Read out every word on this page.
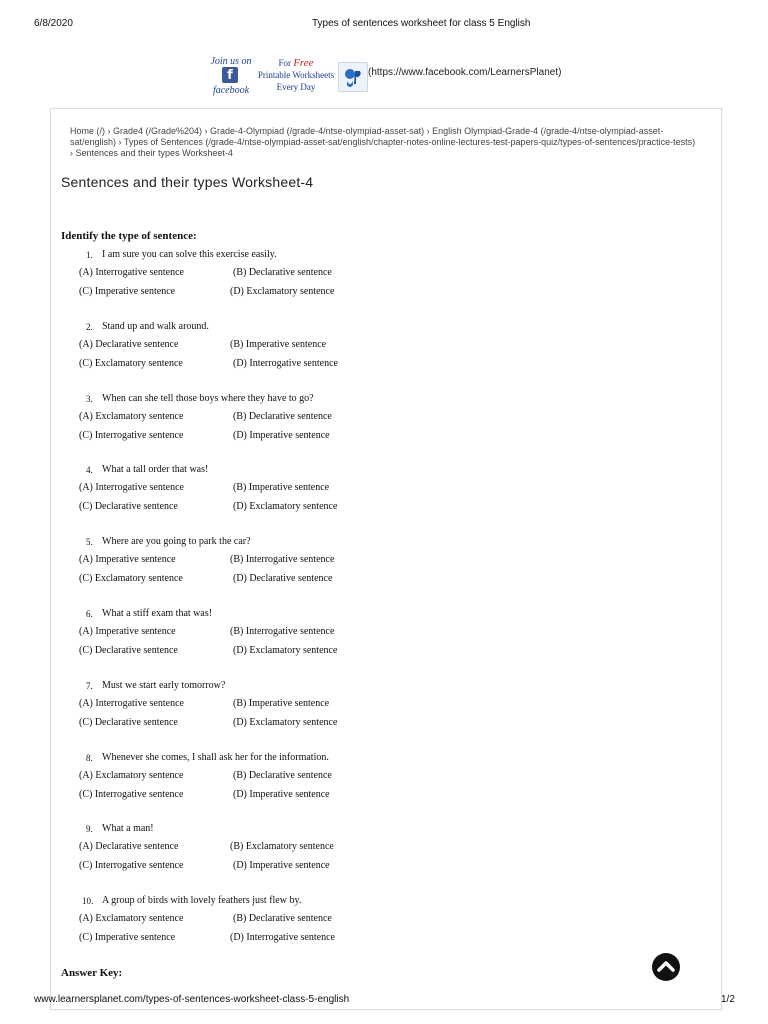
6/8/2020	Types of sentences worksheet for class 5 English
Join us on
facebook
f
For Free
Printable Worksheets
Every Day
(https://www.facebook.com/LearnersPlanet)
Home (/) › Grade4 (/Grade%204) › Grade-4-Olympiad (/grade-4/ntse-olympiad-asset-sat) › English Olympiad-Grade-4 (/grade-4/ntse-olympiad-asset-sat/english) › Types of Sentences (/grade-4/ntse-olympiad-asset-sat/english/chapter-notes-online-lectures-test-papers-quiz/types-of-sentences/practice-tests) › Sentences and their types Worksheet-4
Sentences and their types Worksheet-4
Identify the type of sentence:
1. I am sure you can solve this exercise easily.
(A) Interrogative sentence	(B) Declarative sentence
(C) Imperative sentence	(D) Exclamatory sentence
2. Stand up and walk around.
(A) Declarative sentence	(B) Imperative sentence
(C) Exclamatory sentence	(D) Interrogative sentence
3. When can she tell those boys where they have to go?
(A) Exclamatory sentence	(B) Declarative sentence
(C) Interrogative sentence	(D) Imperative sentence
4. What a tall order that was!
(A) Interrogative sentence	(B) Imperative sentence
(C) Declarative sentence	(D) Exclamatory sentence
5. Where are you going to park the car?
(A) Imperative sentence	(B) Interrogative sentence
(C) Exclamatory sentence	(D) Declarative sentence
6. What a stiff exam that was!
(A) Imperative sentence	(B) Interrogative sentence
(C) Declarative sentence	(D) Exclamatory sentence
7. Must we start early tomorrow?
(A) Interrogative sentence	(B) Imperative sentence
(C) Declarative sentence	(D) Exclamatory sentence
8. Whenever she comes, I shall ask her for the information.
(A) Exclamatory sentence	(B) Declarative sentence
(C) Interrogative sentence	(D) Imperative sentence
9. What a man!
(A) Declarative sentence	(B) Exclamatory sentence
(C) Interrogative sentence	(D) Imperative sentence
10. A group of birds with lovely feathers just flew by.
(A) Exclamatory sentence	(B) Declarative sentence
(C) Imperative sentence	(D) Interrogative sentence
Answer Key:
www.learnersplanet.com/types-of-sentences-worksheet-class-5-english	1/2
